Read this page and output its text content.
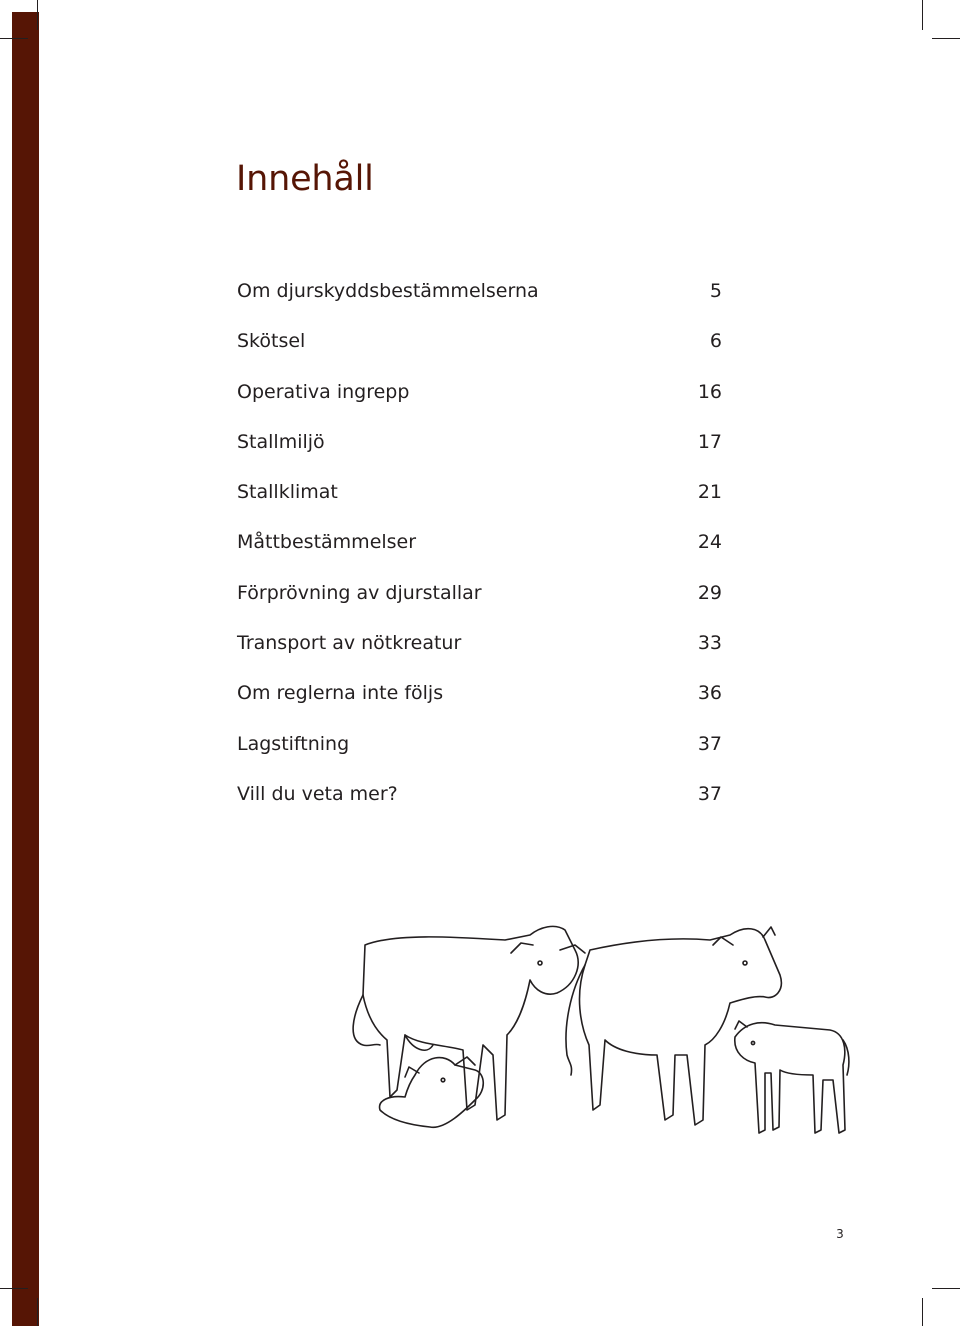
Innehåll
Om djurskyddsbestämmelserna	5
Skötsel	6
Operativa ingrepp	16
Stallmiljö	17
Stallklimat	21
Måttbestämmelser	24
Förprövning av djurstallar	29
Transport av nötkreatur	33
Om reglerna inte följs	36
Lagstiftning	37
Vill du veta mer?	37
3
